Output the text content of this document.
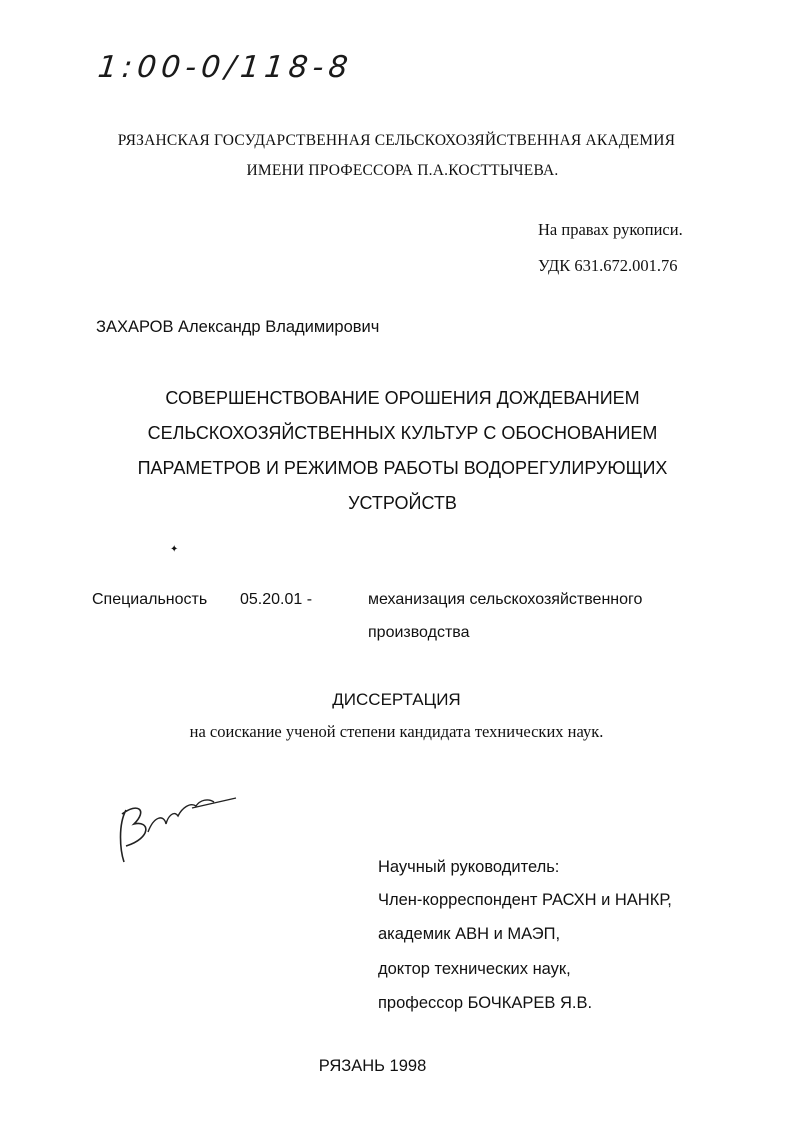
1:00-0/118-8
РЯЗАНСКАЯ ГОСУДАРСТВЕННАЯ СЕЛЬСКОХОЗЯЙСТВЕННАЯ АКАДЕМИЯ
ИМЕНИ ПРОФЕССОРА П.А.КОСТТЫЧЕВА.
На правах рукописи.
УДК 631.672.001.76
ЗАХАРОВ Александр Владимирович
СОВЕРШЕНСТВОВАНИЕ ОРОШЕНИЯ ДОЖДЕВАНИЕМ
СЕЛЬСКОХОЗЯЙСТВЕННЫХ КУЛЬТУР С ОБОСНОВАНИЕМ
ПАРАМЕТРОВ И РЕЖИМОВ РАБОТЫ ВОДОРЕГУЛИРУЮЩИХ
УСТРОЙСТВ
✦
Специальность 05.20.01 -	механизация сельскохозяйственного
производства
ДИССЕРТАЦИЯ
на соискание ученой степени кандидата технических наук.
Научный руководитель:
Член-корреспондент РАСХН и НАНКР,
академик АВН и МАЭП,
доктор технических наук,
профессор БОЧКАРЕВ Я.В.
РЯЗАНЬ 1998
